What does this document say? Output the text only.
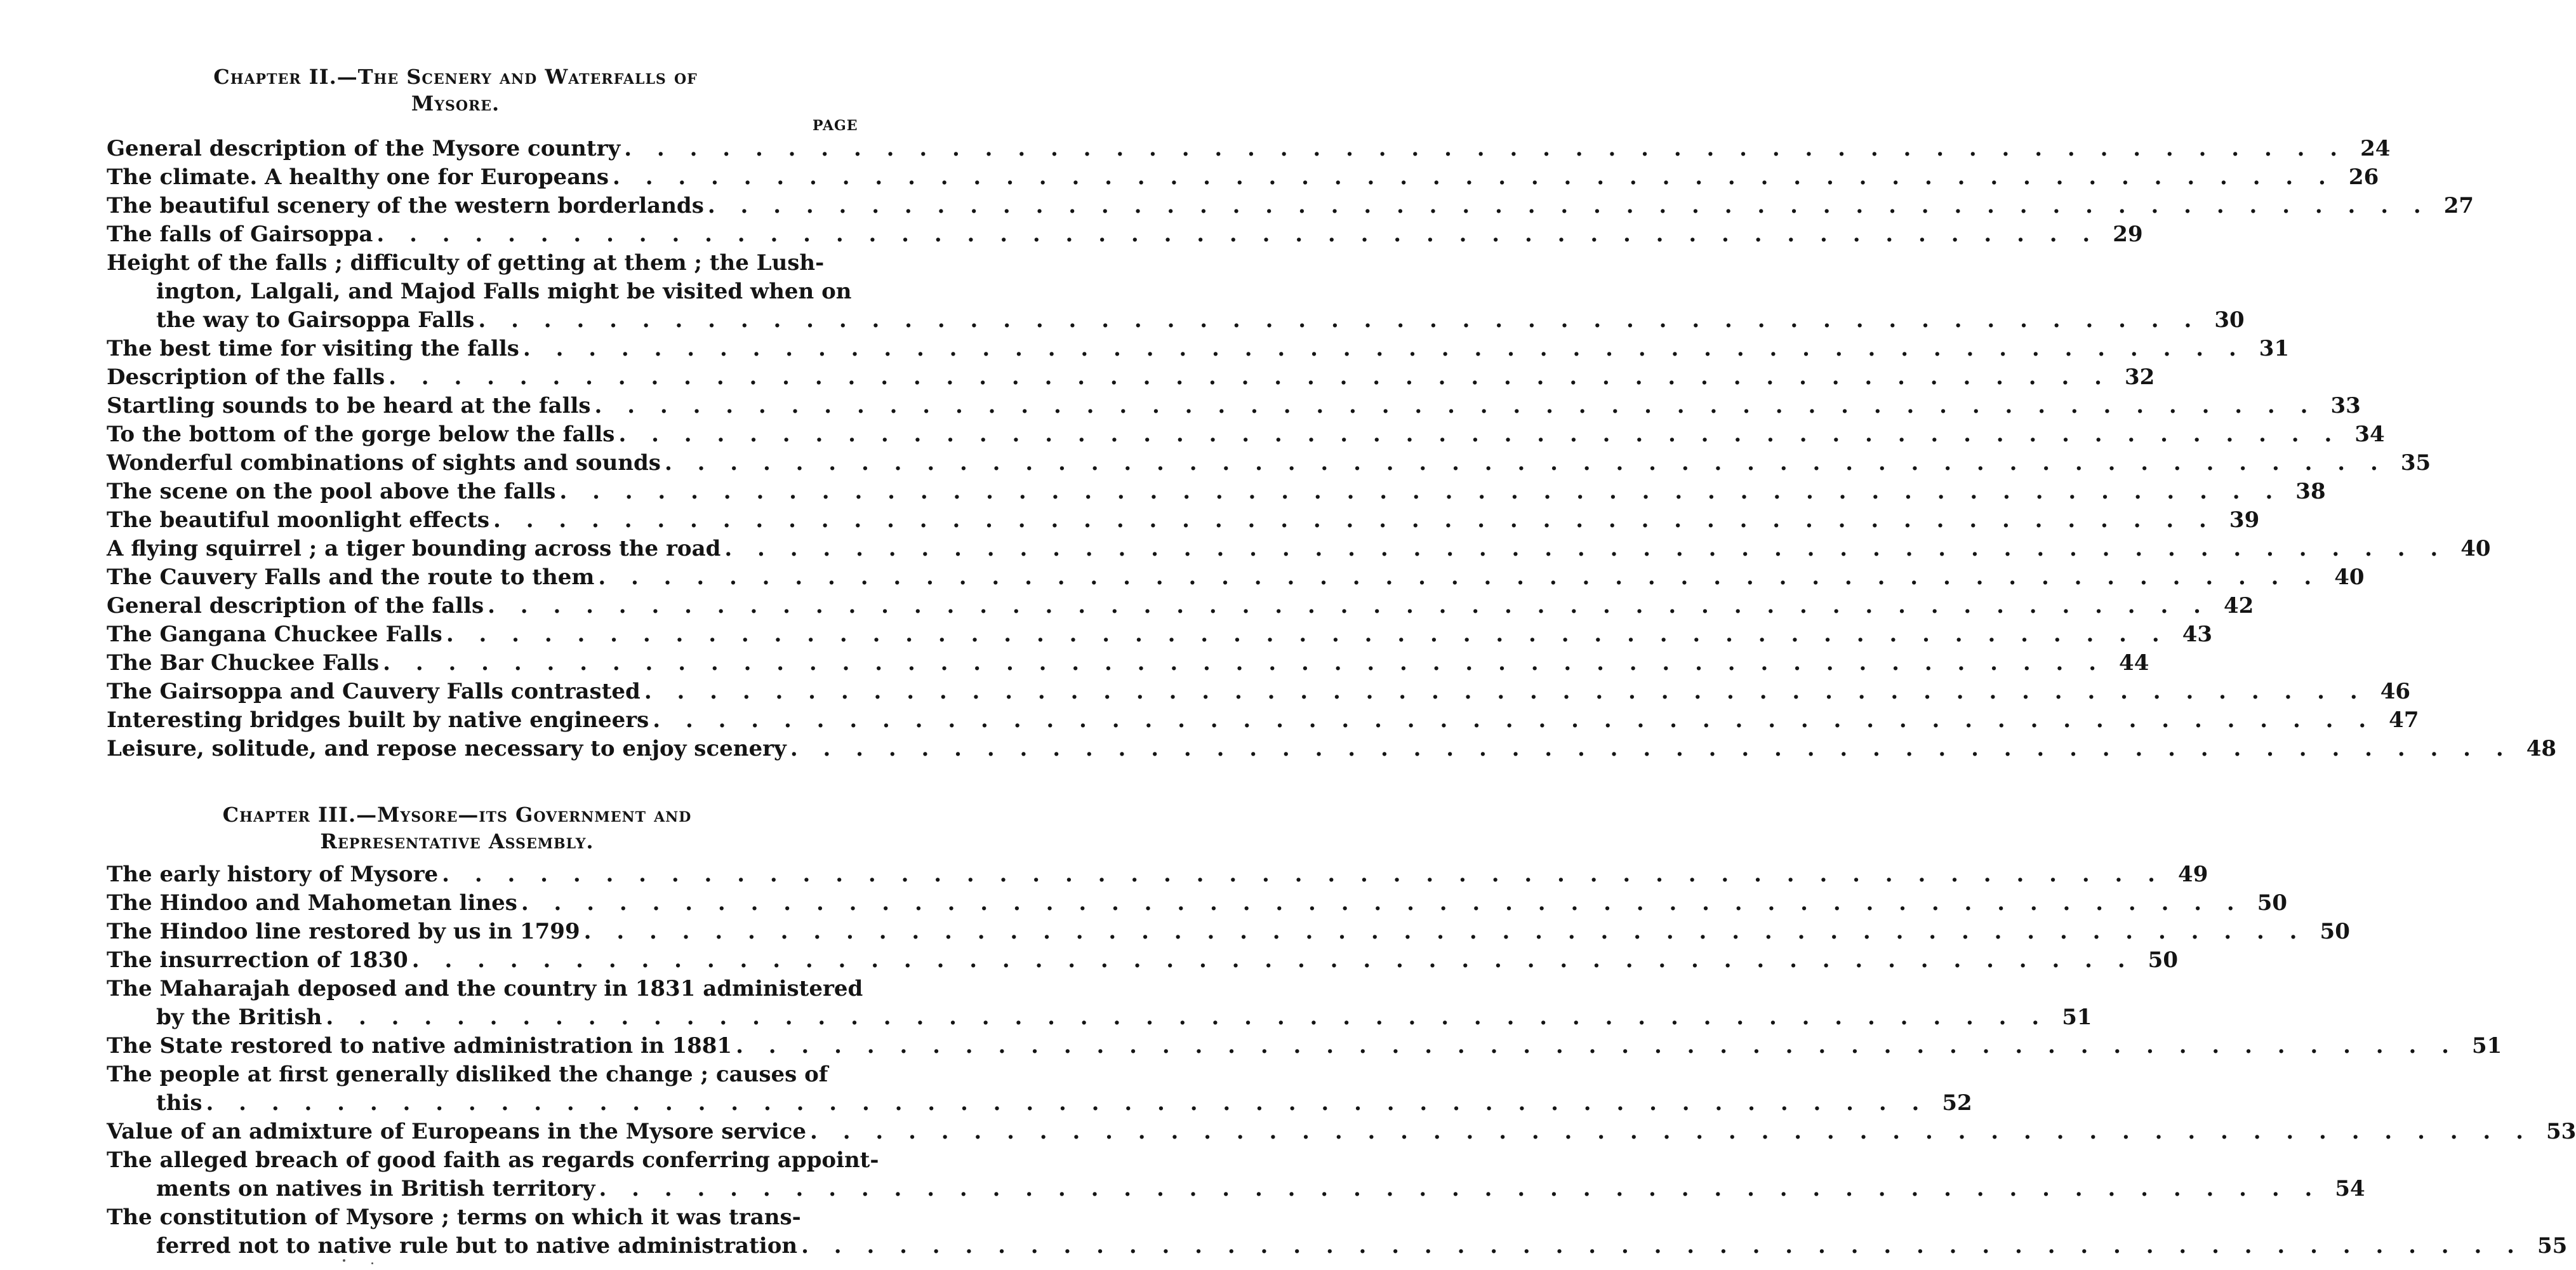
Chapter II.—The Scenery and Waterfalls of
Mysore.
PAGE
General description of the Mysore country . . . . . . . . . . . . . . . . . . . . . . . . . . . . . . . . . . . . . . . . . . . . . . . . . . . . . 24
The climate. A healthy one for Europeans . . . . . . . . . . . . . . . . . . . . . . . . . . . . . . . . . . . . . . . . . . . . . . . . . . . . . 26
The beautiful scenery of the western borderlands . . . . . . . . . . . . . . . . . . . . . . . . . . . . . . . . . . . . . . . . . . . . . . . . . . . . . 27
The falls of Gairsoppa . . . . . . . . . . . . . . . . . . . . . . . . . . . . . . . . . . . . . . . . . . . . . . . . . . . . . 29
Height of the falls ; difficulty of getting at them ; the Lush-
ington, Lalgali, and Majod Falls might be visited when on
the way to Gairsoppa Falls . . . . . . . . . . . . . . . . . . . . . . . . . . . . . . . . . . . . . . . . . . . . . . . . . . . . . 30
The best time for visiting the falls . . . . . . . . . . . . . . . . . . . . . . . . . . . . . . . . . . . . . . . . . . . . . . . . . . . . . 31
Description of the falls . . . . . . . . . . . . . . . . . . . . . . . . . . . . . . . . . . . . . . . . . . . . . . . . . . . . . 32
Startling sounds to be heard at the falls . . . . . . . . . . . . . . . . . . . . . . . . . . . . . . . . . . . . . . . . . . . . . . . . . . . . . 33
To the bottom of the gorge below the falls . . . . . . . . . . . . . . . . . . . . . . . . . . . . . . . . . . . . . . . . . . . . . . . . . . . . . 34
Wonderful combinations of sights and sounds . . . . . . . . . . . . . . . . . . . . . . . . . . . . . . . . . . . . . . . . . . . . . . . . . . . . . 35
The scene on the pool above the falls . . . . . . . . . . . . . . . . . . . . . . . . . . . . . . . . . . . . . . . . . . . . . . . . . . . . . 38
The beautiful moonlight effects . . . . . . . . . . . . . . . . . . . . . . . . . . . . . . . . . . . . . . . . . . . . . . . . . . . . . 39
A flying squirrel ; a tiger bounding across the road . . . . . . . . . . . . . . . . . . . . . . . . . . . . . . . . . . . . . . . . . . . . . . . . . . . . . 40
The Cauvery Falls and the route to them . . . . . . . . . . . . . . . . . . . . . . . . . . . . . . . . . . . . . . . . . . . . . . . . . . . . . 40
General description of the falls . . . . . . . . . . . . . . . . . . . . . . . . . . . . . . . . . . . . . . . . . . . . . . . . . . . . . 42
The Gangana Chuckee Falls . . . . . . . . . . . . . . . . . . . . . . . . . . . . . . . . . . . . . . . . . . . . . . . . . . . . . 43
The Bar Chuckee Falls . . . . . . . . . . . . . . . . . . . . . . . . . . . . . . . . . . . . . . . . . . . . . . . . . . . . . 44
The Gairsoppa and Cauvery Falls contrasted . . . . . . . . . . . . . . . . . . . . . . . . . . . . . . . . . . . . . . . . . . . . . . . . . . . . . 46
Interesting bridges built by native engineers . . . . . . . . . . . . . . . . . . . . . . . . . . . . . . . . . . . . . . . . . . . . . . . . . . . . . 47
Leisure, solitude, and repose necessary to enjoy scenery . . . . . . . . . . . . . . . . . . . . . . . . . . . . . . . . . . . . . . . . . . . . . . . . . . . . . 48
Chapter III.—Mysore—its Government and
Representative Assembly.
The early history of Mysore . . . . . . . . . . . . . . . . . . . . . . . . . . . . . . . . . . . . . . . . . . . . . . . . . . . . . 49
The Hindoo and Mahometan lines . . . . . . . . . . . . . . . . . . . . . . . . . . . . . . . . . . . . . . . . . . . . . . . . . . . . . 50
The Hindoo line restored by us in 1799 . . . . . . . . . . . . . . . . . . . . . . . . . . . . . . . . . . . . . . . . . . . . . . . . . . . . . 50
The insurrection of 1830 . . . . . . . . . . . . . . . . . . . . . . . . . . . . . . . . . . . . . . . . . . . . . . . . . . . . . 50
The Maharajah deposed and the country in 1831 administered
by the British . . . . . . . . . . . . . . . . . . . . . . . . . . . . . . . . . . . . . . . . . . . . . . . . . . . . . 51
The State restored to native administration in 1881 . . . . . . . . . . . . . . . . . . . . . . . . . . . . . . . . . . . . . . . . . . . . . . . . . . . . . 51
The people at first generally disliked the change ; causes of
this . . . . . . . . . . . . . . . . . . . . . . . . . . . . . . . . . . . . . . . . . . . . . . . . . . . . . 52
Value of an admixture of Europeans in the Mysore service . . . . . . . . . . . . . . . . . . . . . . . . . . . . . . . . . . . . . . . . . . . . . . . . . . . . . 53
The alleged breach of good faith as regards conferring appoint-
ments on natives in British territory . . . . . . . . . . . . . . . . . . . . . . . . . . . . . . . . . . . . . . . . . . . . . . . . . . . . . 54
The constitution of Mysore ; terms on which it was trans-
ferred not to native rule but to native administration . . . . . . . . . . . . . . . . . . . . . . . . . . . . . . . . . . . . . . . . . . . . . . . . . . . . . 55
